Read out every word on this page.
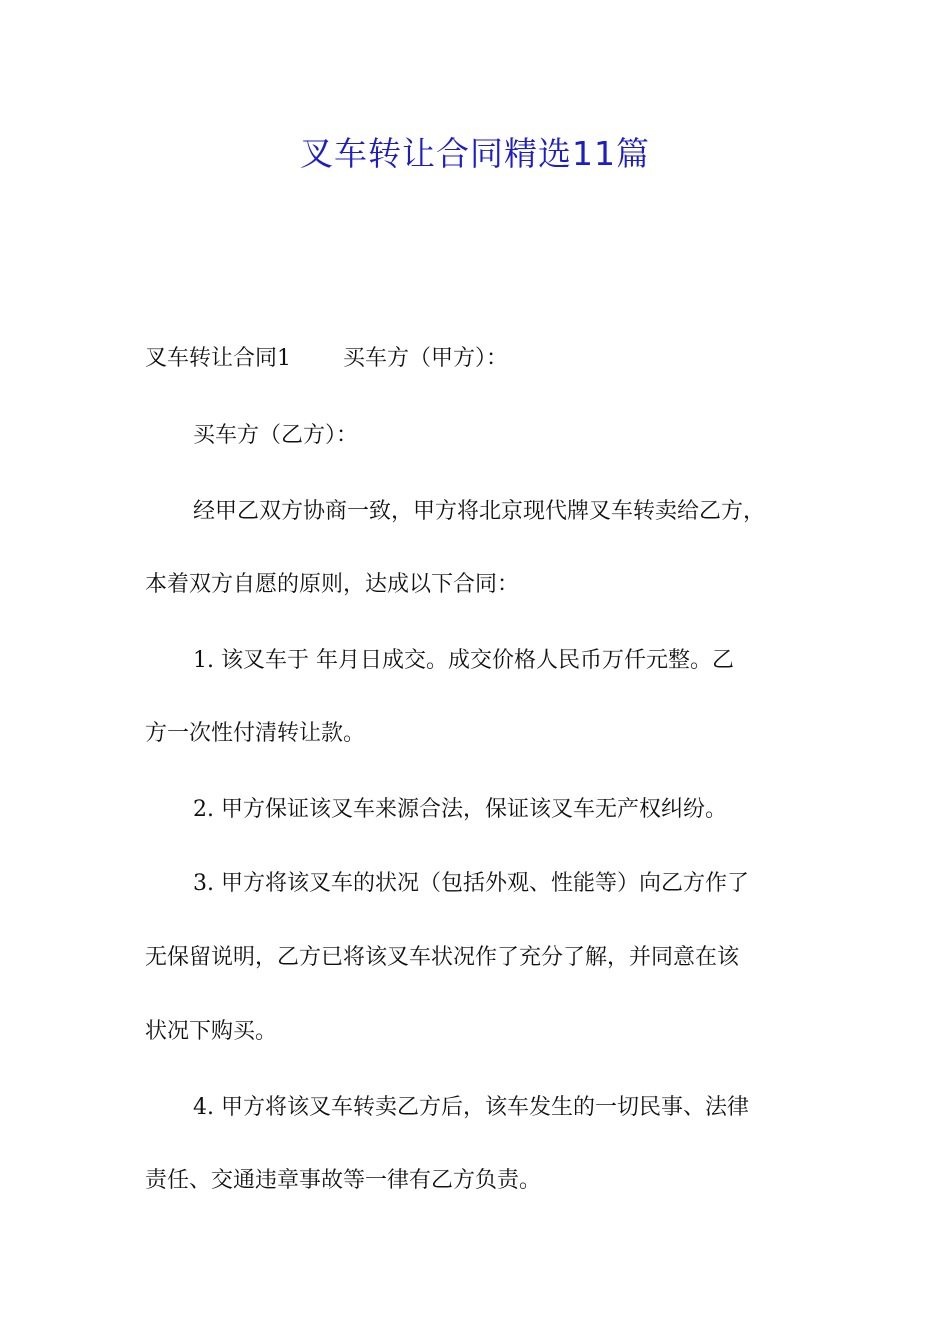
叉车转让合同精选11篇

叉车转让合同1 买车方（甲方）：

买车方（乙方）：

经甲乙双方协商一致，甲方将北京现代牌叉车转卖给乙方，

本着双方自愿的原则，达成以下合同：

1. 该叉车于 年月日成交。成交价格人民币万仟元整。乙

方一次性付清转让款。

2. 甲方保证该叉车来源合法，保证该叉车无产权纠纷。

3. 甲方将该叉车的状况（包括外观、性能等）向乙方作了

无保留说明，乙方已将该叉车状况作了充分了解，并同意在该

状况下购买。

4. 甲方将该叉车转卖乙方后，该车发生的一切民事、法律

责任、交通违章事故等一律有乙方负责。
